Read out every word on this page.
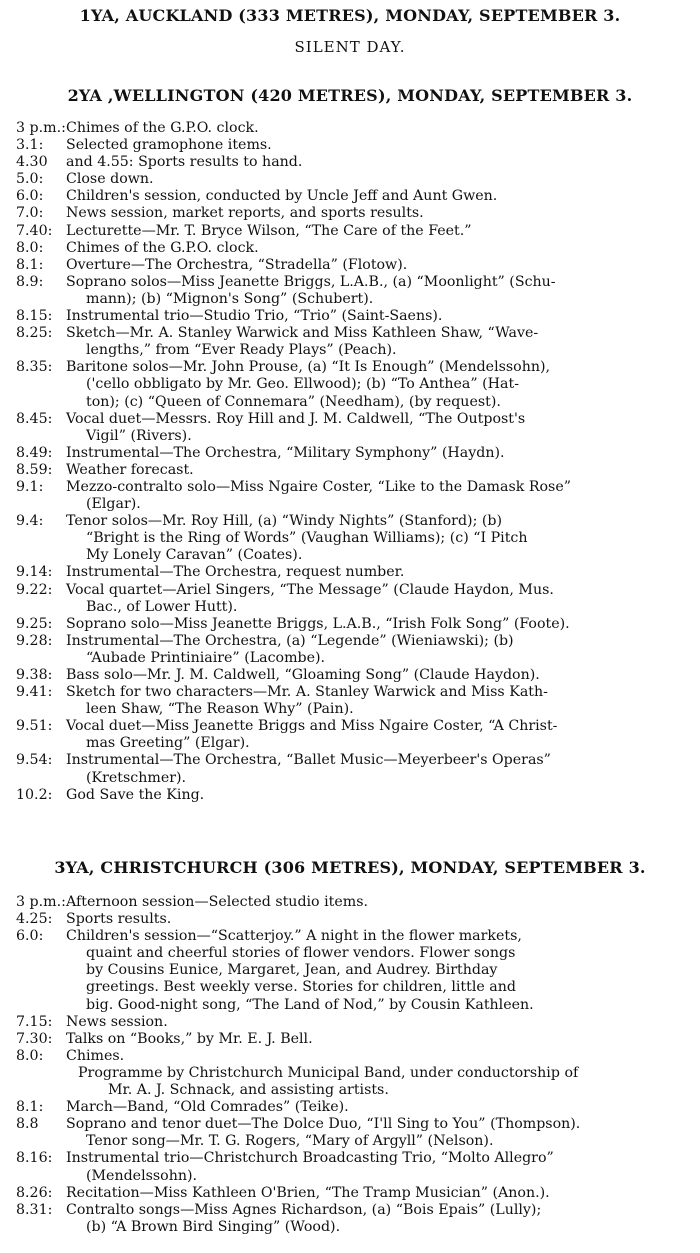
1YA, AUCKLAND (333 METRES), MONDAY, SEPTEMBER 3.
SILENT DAY.
2YA ,WELLINGTON (420 METRES), MONDAY, SEPTEMBER 3.
3 p.m.: Chimes of the G.P.O. clock.
3.1: Selected gramophone items.
4.30 and 4.55: Sports results to hand.
5.0: Close down.
6.0: Children's session, conducted by Uncle Jeff and Aunt Gwen.
7.0: News session, market reports, and sports results.
7.40: Lecturette—Mr. T. Bryce Wilson, “The Care of the Feet.”
8.0: Chimes of the G.P.O. clock.
8.1: Overture—The Orchestra, “Stradella” (Flotow).
8.9: Soprano solos—Miss Jeanette Briggs, L.A.B., (a) “Moonlight” (Schu-
mann); (b) “Mignon's Song” (Schubert).
8.15: Instrumental trio—Studio Trio, “Trio” (Saint-Saens).
8.25: Sketch—Mr. A. Stanley Warwick and Miss Kathleen Shaw, “Wave-
lengths,” from “Ever Ready Plays” (Peach).
8.35: Baritone solos—Mr. John Prouse, (a) “It Is Enough” (Mendelssohn),
('cello obbligato by Mr. Geo. Ellwood); (b) “To Anthea” (Hat-
ton); (c) “Queen of Connemara” (Needham), (by request).
8.45: Vocal duet—Messrs. Roy Hill and J. M. Caldwell, “The Outpost's
Vigil” (Rivers).
8.49: Instrumental—The Orchestra, “Military Symphony” (Haydn).
8.59: Weather forecast.
9.1: Mezzo-contralto solo—Miss Ngaire Coster, “Like to the Damask Rose”
(Elgar).
9.4: Tenor solos—Mr. Roy Hill, (a) “Windy Nights” (Stanford); (b)
“Bright is the Ring of Words” (Vaughan Williams); (c) “I Pitch
My Lonely Caravan” (Coates).
9.14: Instrumental—The Orchestra, request number.
9.22: Vocal quartet—Ariel Singers, “The Message” (Claude Haydon, Mus.
Bac., of Lower Hutt).
9.25: Soprano solo—Miss Jeanette Briggs, L.A.B., “Irish Folk Song” (Foote).
9.28: Instrumental—The Orchestra, (a) “Legende” (Wieniawski); (b)
“Aubade Printiniaire” (Lacombe).
9.38: Bass solo—Mr. J. M. Caldwell, “Gloaming Song” (Claude Haydon).
9.41: Sketch for two characters—Mr. A. Stanley Warwick and Miss Kath-
leen Shaw, “The Reason Why” (Pain).
9.51: Vocal duet—Miss Jeanette Briggs and Miss Ngaire Coster, “A Christ-
mas Greeting” (Elgar).
9.54: Instrumental—The Orchestra, “Ballet Music—Meyerbeer's Operas”
(Kretschmer).
10.2: God Save the King.
3YA, CHRISTCHURCH (306 METRES), MONDAY, SEPTEMBER 3.
3 p.m.: Afternoon session—Selected studio items.
4.25: Sports results.
6.0: Children's session—“Scatterjoy.” A night in the flower markets,
quaint and cheerful stories of flower vendors. Flower songs
by Cousins Eunice, Margaret, Jean, and Audrey. Birthday
greetings. Best weekly verse. Stories for children, little and
big. Good-night song, “The Land of Nod,” by Cousin Kathleen.
7.15: News session.
7.30: Talks on “Books,” by Mr. E. J. Bell.
8.0: Chimes.
Programme by Christchurch Municipal Band, under conductorship of
Mr. A. J. Schnack, and assisting artists.
8.1: March—Band, “Old Comrades” (Teike).
8.8 Soprano and tenor duet—The Dolce Duo, “I'll Sing to You” (Thompson).
Tenor song—Mr. T. G. Rogers, “Mary of Argyll” (Nelson).
8.16: Instrumental trio—Christchurch Broadcasting Trio, “Molto Allegro”
(Mendelssohn).
8.26: Recitation—Miss Kathleen O'Brien, “The Tramp Musician” (Anon.).
8.31: Contralto songs—Miss Agnes Richardson, (a) “Bois Epais” (Lully);
(b) “A Brown Bird Singing” (Wood).
